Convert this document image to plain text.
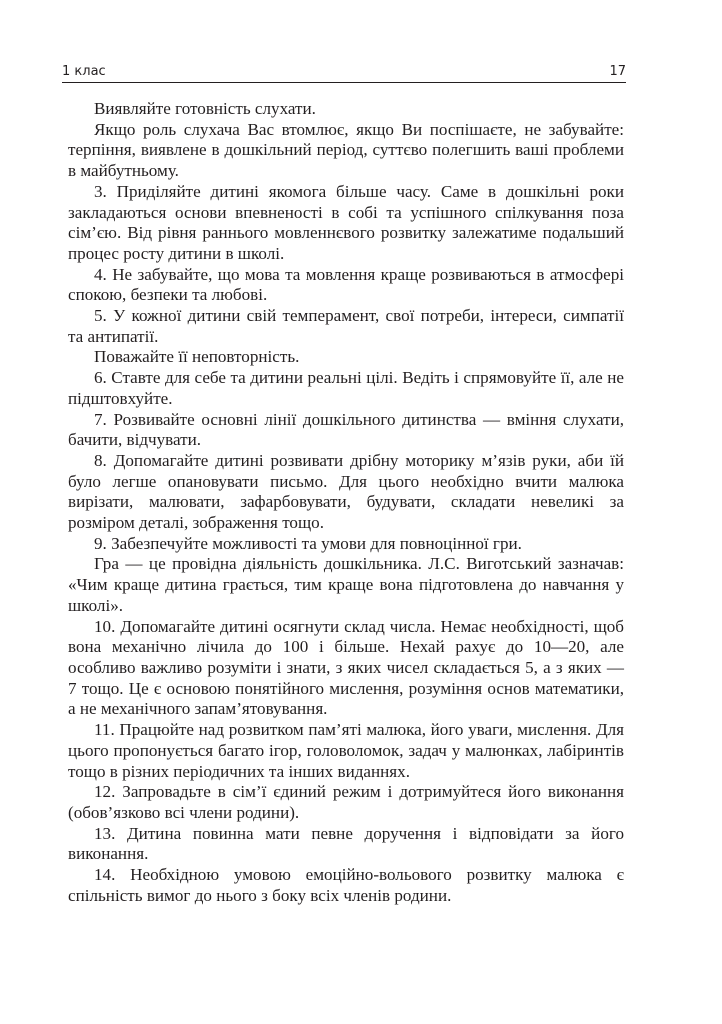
1 клас	17

Виявляйте готовність слухати.

Якщо роль слухача Вас втомлює, якщо Ви поспішаєте, не забувайте: терпіння, виявлене в дошкільний період, суттєво полегшить ваші проблеми в майбутньому.

3. Приділяйте дитині якомога більше часу. Саме в дошкільні роки закладаються основи впевненості в собі та успішного спілкування поза сім’єю. Від рівня раннього мовленнєвого розвитку залежатиме подальший процес росту дитини в школі.

4. Не забувайте, що мова та мовлення краще розвиваються в атмосфері спокою, безпеки та любові.

5. У кожної дитини свій темперамент, свої потреби, інтереси, симпатії та антипатії.

Поважайте її неповторність.

6. Ставте для себе та дитини реальні цілі. Ведіть і спрямовуйте її, але не підштовхуйте.

7. Розвивайте основні лінії дошкільного дитинства — вміння слухати, бачити, відчувати.

8. Допомагайте дитині розвивати дрібну моторику м’язів руки, аби їй було легше опановувати письмо. Для цього необхідно вчити малюка вирізати, малювати, зафарбовувати, будувати, складати невеликі за розміром деталі, зображення тощо.

9. Забезпечуйте можливості та умови для повноцінної гри.

Гра — це провідна діяльність дошкільника. Л.С. Виготський зазначав: «Чим краще дитина грається, тим краще вона підготовлена до навчання у школі».

10. Допомагайте дитині осягнути склад числа. Немає необхідності, щоб вона механічно лічила до 100 і більше. Нехай рахує до 10—20, але особливо важливо розуміти і знати, з яких чисел складається 5, а з яких — 7 тощо. Це є основою понятійного мислення, розуміння основ математики, а не механічного запам’ятовування.

11. Працюйте над розвитком пам’яті малюка, його уваги, мислення. Для цього пропонується багато ігор, головоломок, задач у малюнках, лабіринтів тощо в різних періодичних та інших виданнях.

12. Запровадьте в сім’ї єдиний режим і дотримуйтеся його виконання (обов’язково всі члени родини).

13. Дитина повинна мати певне доручення і відповідати за його виконання.

14. Необхідною умовою емоційно-вольового розвитку малюка є спільність вимог до нього з боку всіх членів родини.
